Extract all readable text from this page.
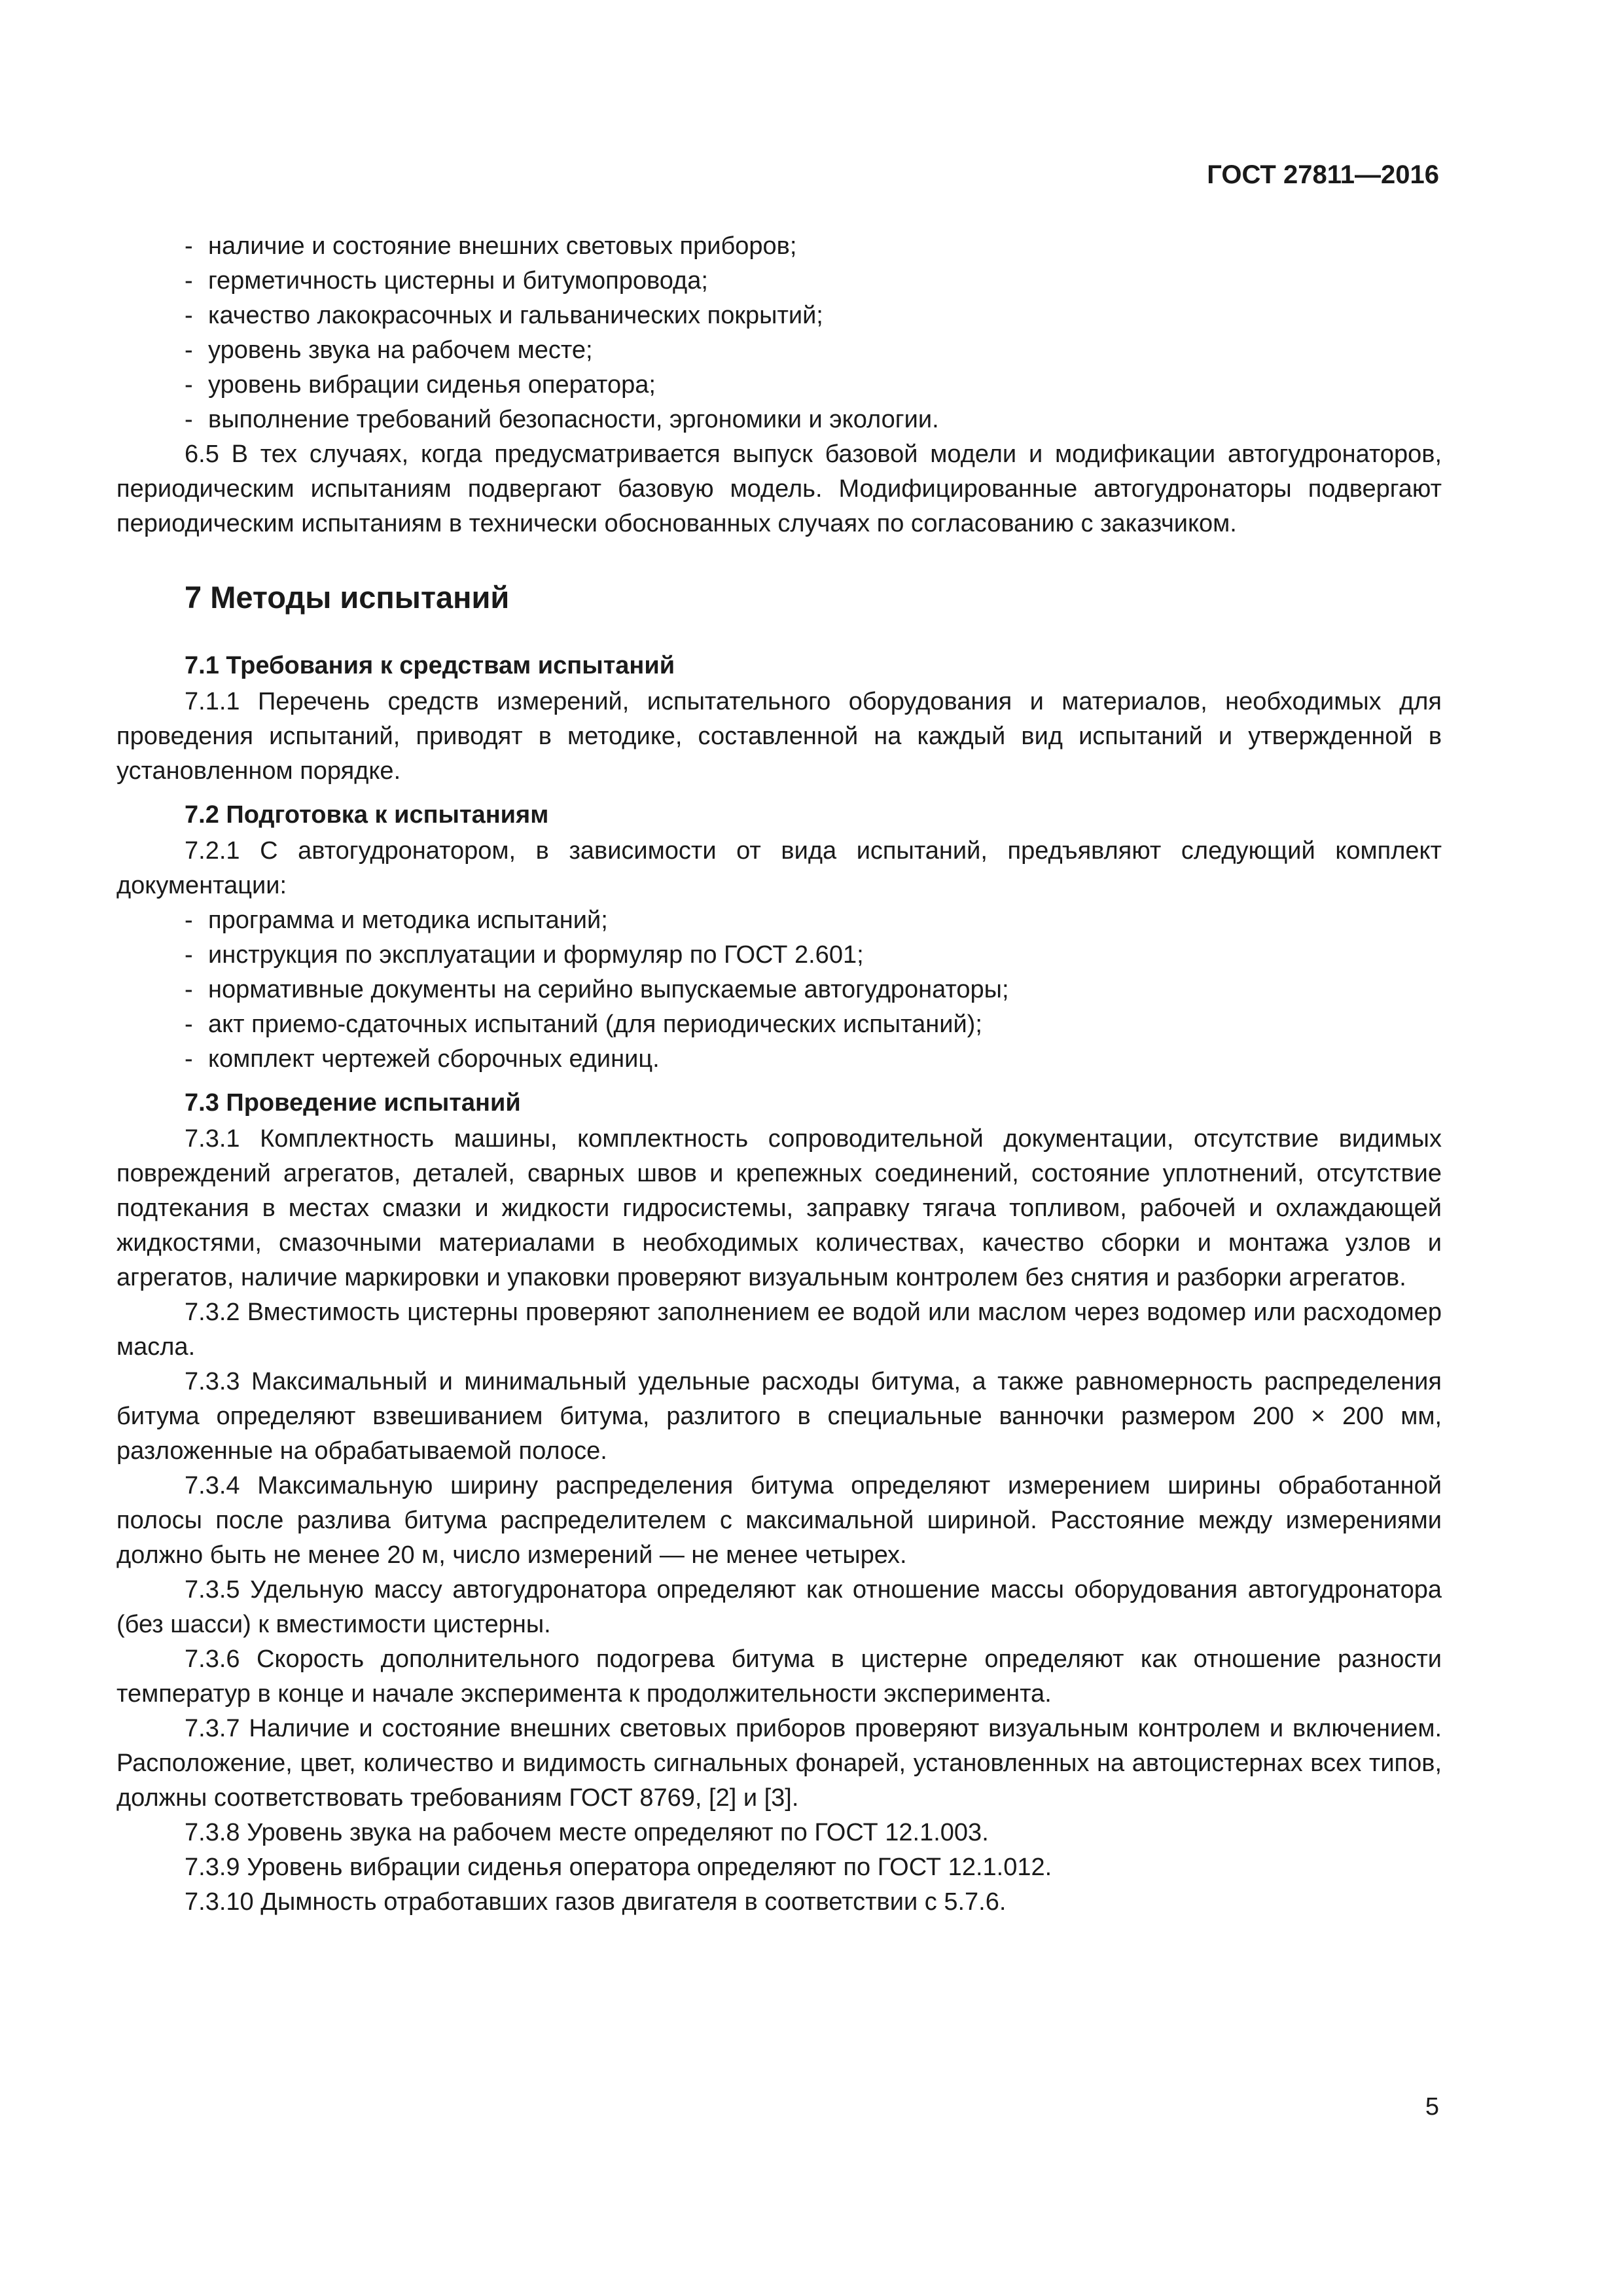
ГОСТ 27811—2016
- наличие и состояние внешних световых приборов;
- герметичность цистерны и битумопровода;
- качество лакокрасочных и гальванических покрытий;
- уровень звука на рабочем месте;
- уровень вибрации сиденья оператора;
- выполнение требований безопасности, эргономики и экологии.

6.5 В тех случаях, когда предусматривается выпуск базовой модели и модификации автогудронаторов, периодическим испытаниям подвергают базовую модель. Модифицированные автогудронаторы подвергают периодическим испытаниям в технически обоснованных случаях по согласованию с заказчиком.

7 Методы испытаний
7.1 Требования к средствам испытаний

7.1.1 Перечень средств измерений, испытательного оборудования и материалов, необходимых для проведения испытаний, приводят в методике, составленной на каждый вид испытаний и утвержденной в установленном порядке.

7.2 Подготовка к испытаниям

7.2.1 С автогудронатором, в зависимости от вида испытаний, предъявляют следующий комплект документации:

- программа и методика испытаний;
- инструкция по эксплуатации и формуляр по ГОСТ 2.601;
- нормативные документы на серийно выпускаемые автогудронаторы;
- акт приемо-сдаточных испытаний (для периодических испытаний);
- комплект чертежей сборочных единиц.
7.3 Проведение испытаний

7.3.1 Комплектность машины, комплектность сопроводительной документации, отсутствие видимых повреждений агрегатов, деталей, сварных швов и крепежных соединений, состояние уплотнений, отсутствие подтекания в местах смазки и жидкости гидросистемы, заправку тягача топливом, рабочей и охлаждающей жидкостями, смазочными материалами в необходимых количествах, качество сборки и монтажа узлов и агрегатов, наличие маркировки и упаковки проверяют визуальным контролем без снятия и разборки агрегатов.

7.3.2 Вместимость цистерны проверяют заполнением ее водой или маслом через водомер или расходомер масла.

7.3.3 Максимальный и минимальный удельные расходы битума, а также равномерность распределения битума определяют взвешиванием битума, разлитого в специальные ванночки размером 200 × 200 мм, разложенные на обрабатываемой полосе.

7.3.4 Максимальную ширину распределения битума определяют измерением ширины обработанной полосы после разлива битума распределителем с максимальной шириной. Расстояние между измерениями должно быть не менее 20 м, число измерений — не менее четырех.

7.3.5 Удельную массу автогудронатора определяют как отношение массы оборудования автогудронатора (без шасси) к вместимости цистерны.

7.3.6 Скорость дополнительного подогрева битума в цистерне определяют как отношение разности температур в конце и начале эксперимента к продолжительности эксперимента.

7.3.7 Наличие и состояние внешних световых приборов проверяют визуальным контролем и включением. Расположение, цвет, количество и видимость сигнальных фонарей, установленных на автоцистернах всех типов, должны соответствовать требованиям ГОСТ 8769, [2] и [3].

7.3.8 Уровень звука на рабочем месте определяют по ГОСТ 12.1.003.

7.3.9 Уровень вибрации сиденья оператора определяют по ГОСТ 12.1.012.

7.3.10 Дымность отработавших газов двигателя в соответствии с 5.7.6.

5
